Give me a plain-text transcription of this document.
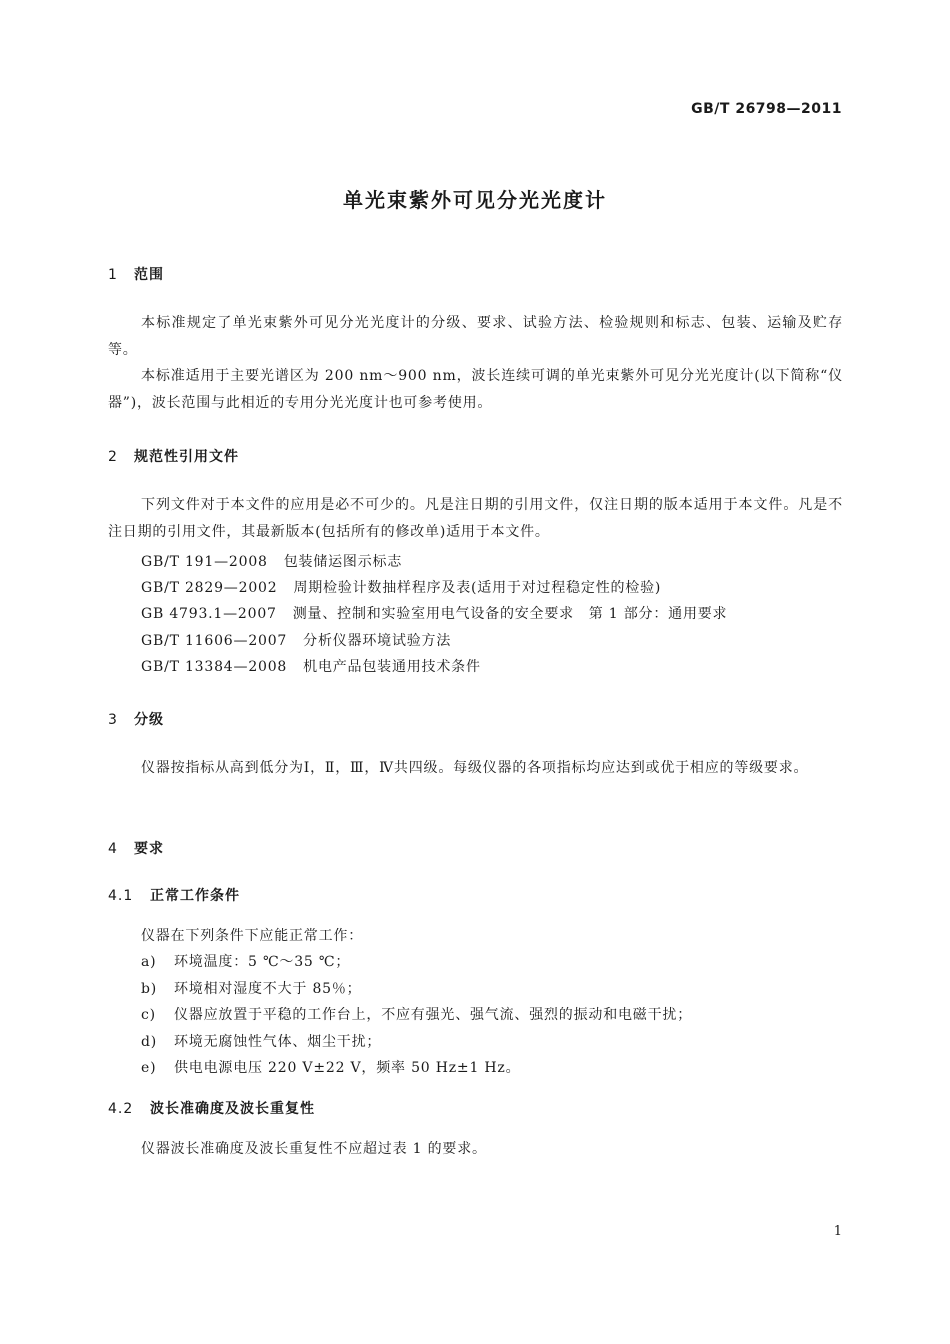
GB/T 26798—2011
单光束紫外可见分光光度计
1 范围

本标准规定了单光束紫外可见分光光度计的分级、要求、试验方法、检验规则和标志、包装、运输及贮存等。

本标准适用于主要光谱区为 200 nm～900 nm，波长连续可调的单光束紫外可见分光光度计(以下简称“仪器”)，波长范围与此相近的专用分光光度计也可参考使用。

2 规范性引用文件

下列文件对于本文件的应用是必不可少的。凡是注日期的引用文件，仅注日期的版本适用于本文件。凡是不注日期的引用文件，其最新版本(包括所有的修改单)适用于本文件。

GB/T 191—2008 包装储运图示标志
GB/T 2829—2002 周期检验计数抽样程序及表(适用于对过程稳定性的检验)
GB 4793.1—2007 测量、控制和实验室用电气设备的安全要求　第 1 部分：通用要求
GB/T 11606—2007 分析仪器环境试验方法
GB/T 13384—2008 机电产品包装通用技术条件
3 分级

仪器按指标从高到低分为Ⅰ，Ⅱ，Ⅲ，Ⅳ共四级。每级仪器的各项指标均应达到或优于相应的等级要求。

4 要求
4.1 正常工作条件
仪器在下列条件下应能正常工作：
a) 环境温度：5 ℃～35 ℃；
b) 环境相对湿度不大于 85％；
c) 仪器应放置于平稳的工作台上，不应有强光、强气流、强烈的振动和电磁干扰；
d) 环境无腐蚀性气体、烟尘干扰；
e) 供电电源电压 220 V±22 V，频率 50 Hz±1 Hz。
4.2 波长准确度及波长重复性
仪器波长准确度及波长重复性不应超过表 1 的要求。
1
